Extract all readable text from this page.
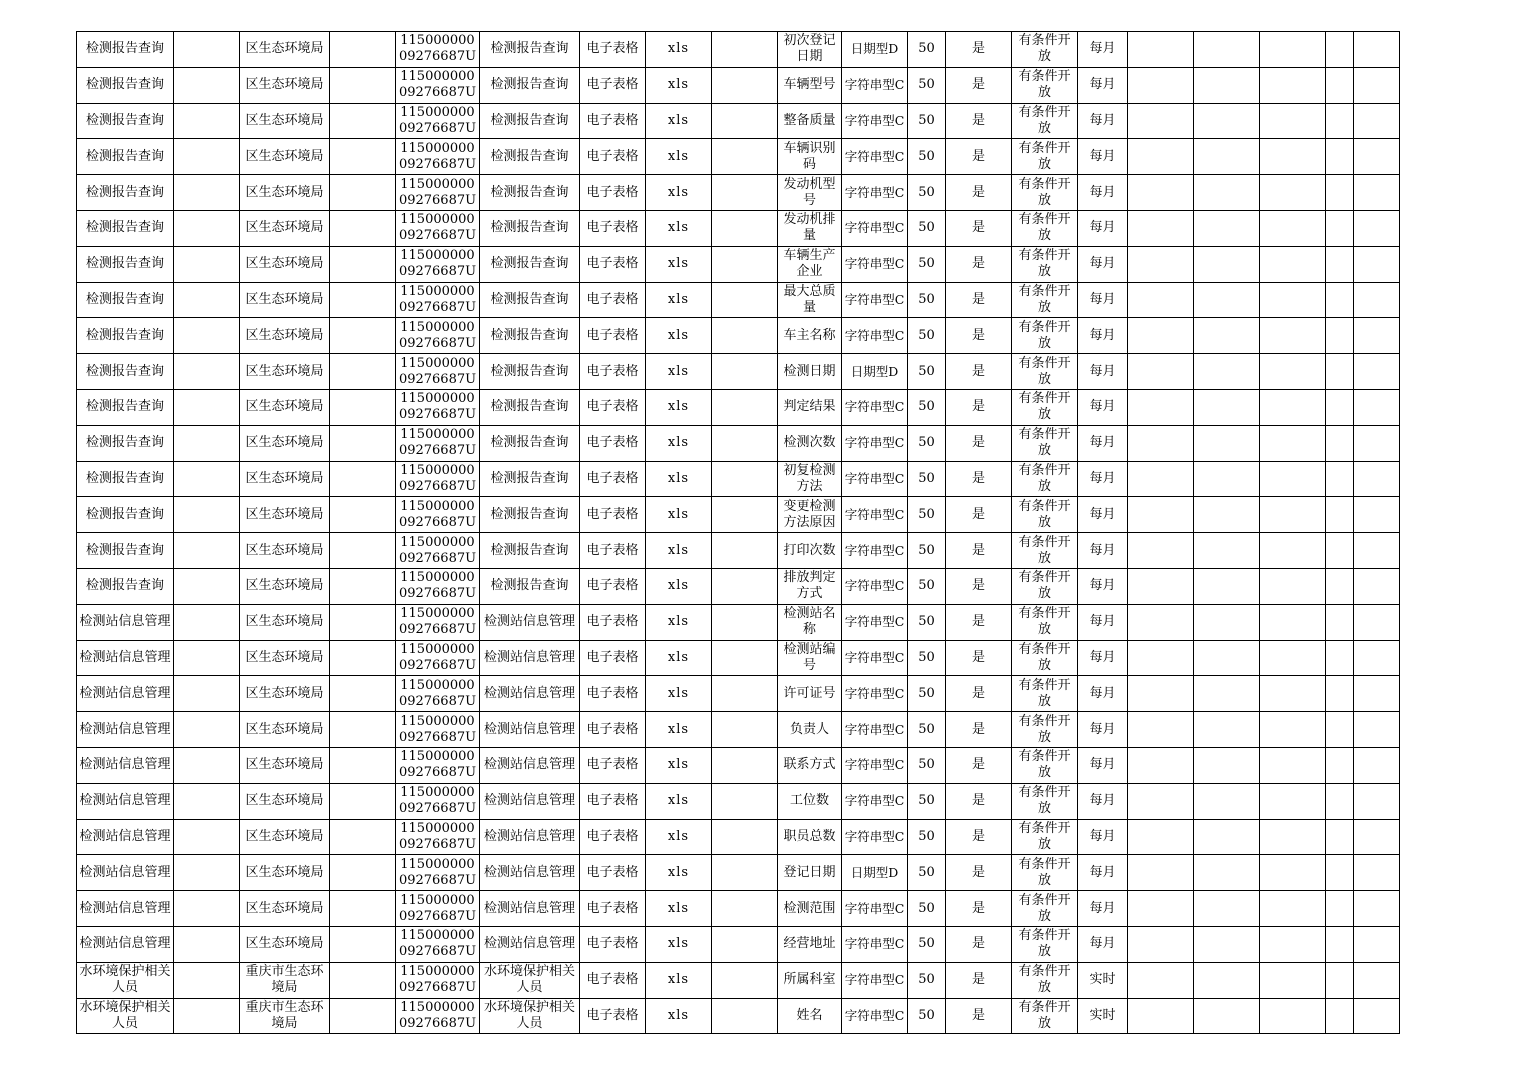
检测报告查询		区生态环境局		11500000009276687U	检测报告查询	电子表格	xls		初次登记日期	日期型D	50	是	有条件开放	每月					
检测报告查询		区生态环境局		11500000009276687U	检测报告查询	电子表格	xls		车辆型号	字符串型C	50	是	有条件开放	每月					
检测报告查询		区生态环境局		11500000009276687U	检测报告查询	电子表格	xls		整备质量	字符串型C	50	是	有条件开放	每月					
检测报告查询		区生态环境局		11500000009276687U	检测报告查询	电子表格	xls		车辆识别码	字符串型C	50	是	有条件开放	每月					
检测报告查询		区生态环境局		11500000009276687U	检测报告查询	电子表格	xls		发动机型号	字符串型C	50	是	有条件开放	每月					
检测报告查询		区生态环境局		11500000009276687U	检测报告查询	电子表格	xls		发动机排量	字符串型C	50	是	有条件开放	每月					
检测报告查询		区生态环境局		11500000009276687U	检测报告查询	电子表格	xls		车辆生产企业	字符串型C	50	是	有条件开放	每月					
检测报告查询		区生态环境局		11500000009276687U	检测报告查询	电子表格	xls		最大总质量	字符串型C	50	是	有条件开放	每月					
检测报告查询		区生态环境局		11500000009276687U	检测报告查询	电子表格	xls		车主名称	字符串型C	50	是	有条件开放	每月					
检测报告查询		区生态环境局		11500000009276687U	检测报告查询	电子表格	xls		检测日期	日期型D	50	是	有条件开放	每月					
检测报告查询		区生态环境局		11500000009276687U	检测报告查询	电子表格	xls		判定结果	字符串型C	50	是	有条件开放	每月					
检测报告查询		区生态环境局		11500000009276687U	检测报告查询	电子表格	xls		检测次数	字符串型C	50	是	有条件开放	每月					
检测报告查询		区生态环境局		11500000009276687U	检测报告查询	电子表格	xls		初复检测方法	字符串型C	50	是	有条件开放	每月					
检测报告查询		区生态环境局		11500000009276687U	检测报告查询	电子表格	xls		变更检测方法原因	字符串型C	50	是	有条件开放	每月					
检测报告查询		区生态环境局		11500000009276687U	检测报告查询	电子表格	xls		打印次数	字符串型C	50	是	有条件开放	每月					
检测报告查询		区生态环境局		11500000009276687U	检测报告查询	电子表格	xls		排放判定方式	字符串型C	50	是	有条件开放	每月					
检测站信息管理		区生态环境局		11500000009276687U	检测站信息管理	电子表格	xls		检测站名称	字符串型C	50	是	有条件开放	每月					
检测站信息管理		区生态环境局		11500000009276687U	检测站信息管理	电子表格	xls		检测站编号	字符串型C	50	是	有条件开放	每月					
检测站信息管理		区生态环境局		11500000009276687U	检测站信息管理	电子表格	xls		许可证号	字符串型C	50	是	有条件开放	每月					
检测站信息管理		区生态环境局		11500000009276687U	检测站信息管理	电子表格	xls		负责人	字符串型C	50	是	有条件开放	每月					
检测站信息管理		区生态环境局		11500000009276687U	检测站信息管理	电子表格	xls		联系方式	字符串型C	50	是	有条件开放	每月					
检测站信息管理		区生态环境局		11500000009276687U	检测站信息管理	电子表格	xls		工位数	字符串型C	50	是	有条件开放	每月					
检测站信息管理		区生态环境局		11500000009276687U	检测站信息管理	电子表格	xls		职员总数	字符串型C	50	是	有条件开放	每月					
检测站信息管理		区生态环境局		11500000009276687U	检测站信息管理	电子表格	xls		登记日期	日期型D	50	是	有条件开放	每月					
检测站信息管理		区生态环境局		11500000009276687U	检测站信息管理	电子表格	xls		检测范围	字符串型C	50	是	有条件开放	每月					
检测站信息管理		区生态环境局		11500000009276687U	检测站信息管理	电子表格	xls		经营地址	字符串型C	50	是	有条件开放	每月					
水环境保护相关人员		重庆市生态环境局		11500000009276687U	水环境保护相关人员	电子表格	xls		所属科室	字符串型C	50	是	有条件开放	实时					
水环境保护相关人员		重庆市生态环境局		11500000009276687U	水环境保护相关人员	电子表格	xls		姓名	字符串型C	50	是	有条件开放	实时					
